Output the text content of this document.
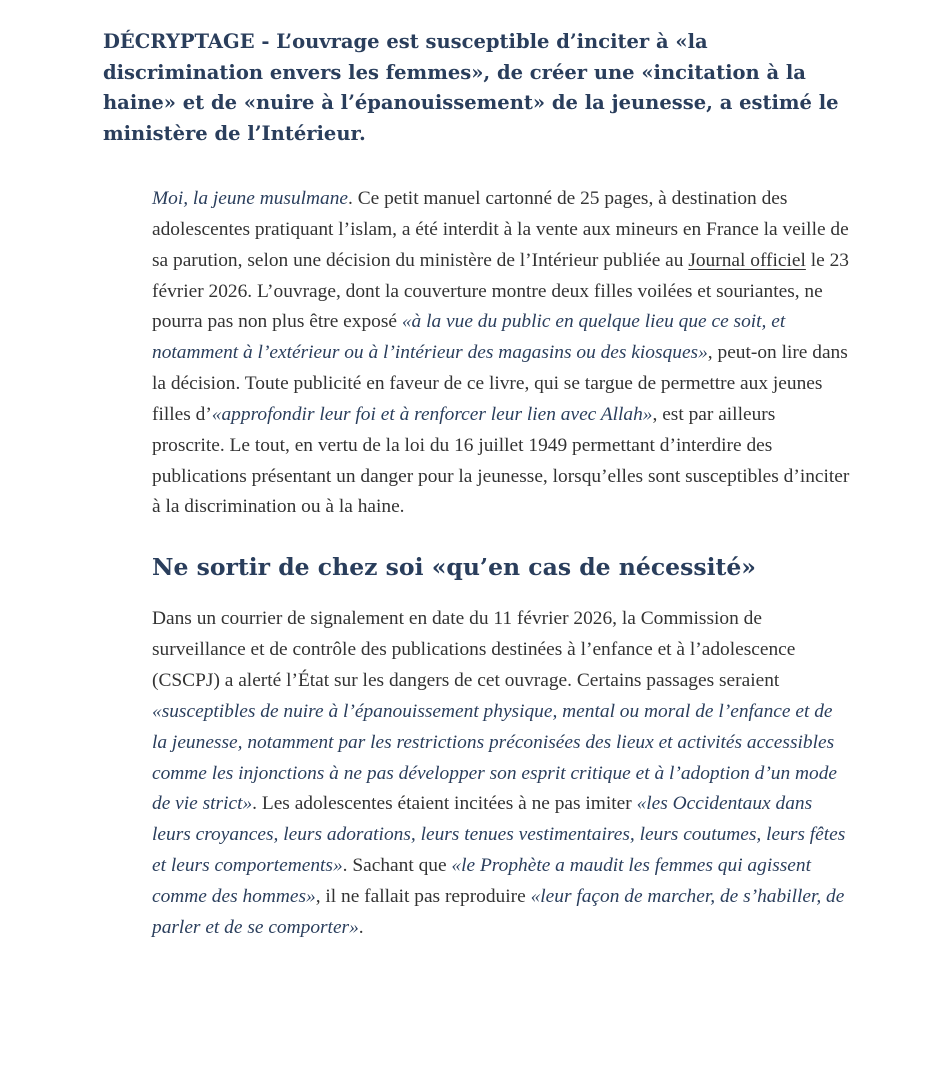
DÉCRYPTAGE - L’ouvrage est susceptible d’inciter à «la discrimination envers les femmes», de créer une «incitation à la haine» et de «nuire à l’épanouissement» de la jeunesse, a estimé le ministère de l’Intérieur.

Moi, la jeune musulmane. Ce petit manuel cartonné de 25 pages, à destination des adolescentes pratiquant l’islam, a été interdit à la vente aux mineurs en France la veille de sa parution, selon une décision du ministère de l’Intérieur publiée au Journal officiel le 23 février 2026. L’ouvrage, dont la couverture montre deux filles voilées et souriantes, ne pourra pas non plus être exposé «à la vue du public en quelque lieu que ce soit, et notamment à l’extérieur ou à l’intérieur des magasins ou des kiosques», peut-on lire dans la décision. Toute publicité en faveur de ce livre, qui se targue de permettre aux jeunes filles d’«approfondir leur foi et à renforcer leur lien avec Allah», est par ailleurs proscrite. Le tout, en vertu de la loi du 16 juillet 1949 permettant d’interdire des publications présentant un danger pour la jeunesse, lorsqu’elles sont susceptibles d’inciter à la discrimination ou à la haine.

Ne sortir de chez soi «qu’en cas de nécessité»

Dans un courrier de signalement en date du 11 février 2026, la Commission de surveillance et de contrôle des publications destinées à l’enfance et à l’adolescence (CSCPJ) a alerté l’État sur les dangers de cet ouvrage. Certains passages seraient «susceptibles de nuire à l’épanouissement physique, mental ou moral de l’enfance et de la jeunesse, notamment par les restrictions préconisées des lieux et activités accessibles comme les injonctions à ne pas développer son esprit critique et à l’adoption d’un mode de vie strict». Les adolescentes étaient incitées à ne pas imiter «les Occidentaux dans leurs croyances, leurs adorations, leurs tenues vestimentaires, leurs coutumes, leurs fêtes et leurs comportements». Sachant que «le Prophète a maudit les femmes qui agissent comme des hommes», il ne fallait pas reproduire «leur façon de marcher, de s’habiller, de parler et de se comporter».
